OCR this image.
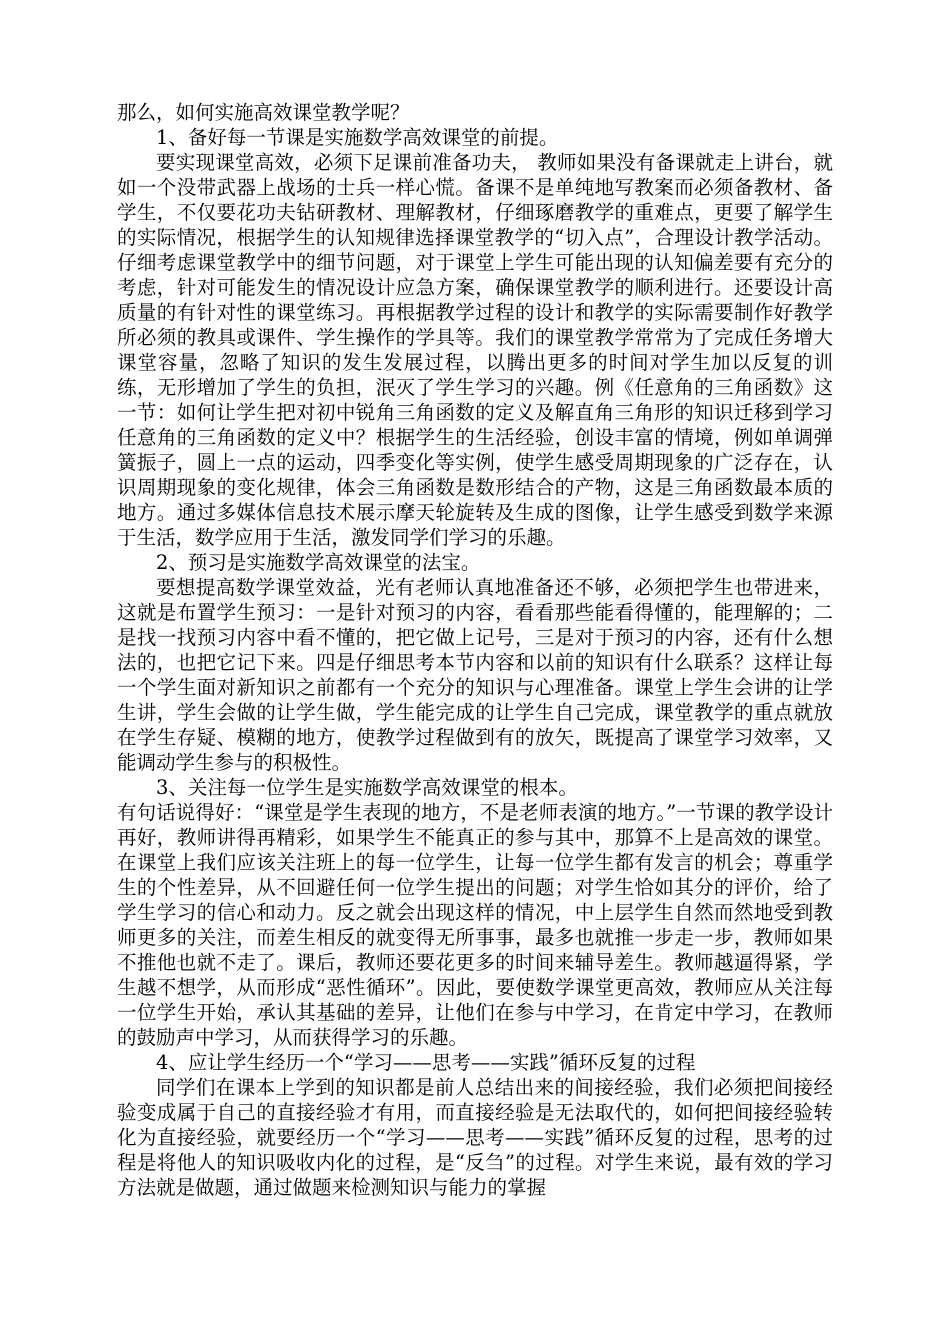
那么，如何实施高效课堂教学呢？

1、备好每一节课是实施数学高效课堂的前提。

要实现课堂高效，必须下足课前准备功夫， 教师如果没有备课就走上讲台，就如一个没带武器上战场的士兵一样心慌。备课不是单纯地写教案而必须备教材、备学生，不仅要花功夫钻研教材、理解教材，仔细琢磨教学的重难点，更要了解学生的实际情况，根据学生的认知规律选择课堂教学的“切入点”，合理设计教学活动。仔细考虑课堂教学中的细节问题，对于课堂上学生可能出现的认知偏差要有充分的考虑，针对可能发生的情况设计应急方案，确保课堂教学的顺利进行。还要设计高质量的有针对性的课堂练习。再根据教学过程的设计和教学的实际需要制作好教学所必须的教具或课件、学生操作的学具等。我们的课堂教学常常为了完成任务增大课堂容量，忽略了知识的发生发展过程，以腾出更多的时间对学生加以反复的训练，无形增加了学生的负担，泯灭了学生学习的兴趣。例《任意角的三角函数》这一节：如何让学生把对初中锐角三角函数的定义及解直角三角形的知识迁移到学习任意角的三角函数的定义中？根据学生的生活经验，创设丰富的情境，例如单调弹簧振子，圆上一点的运动，四季变化等实例，使学生感受周期现象的广泛存在，认识周期现象的变化规律，体会三角函数是数形结合的产物，这是三角函数最本质的地方。通过多媒体信息技术展示摩天轮旋转及生成的图像，让学生感受到数学来源于生活，数学应用于生活，激发同学们学习的乐趣。

2、预习是实施数学高效课堂的法宝。

要想提高数学课堂效益，光有老师认真地准备还不够，必须把学生也带进来，这就是布置学生预习：一是针对预习的内容，看看那些能看得懂的，能理解的；二是找一找预习内容中看不懂的，把它做上记号，三是对于预习的内容，还有什么想法的，也把它记下来。四是仔细思考本节内容和以前的知识有什么联系？这样让每一个学生面对新知识之前都有一个充分的知识与心理准备。课堂上学生会讲的让学生讲，学生会做的让学生做，学生能完成的让学生自己完成，课堂教学的重点就放在学生存疑、模糊的地方，使教学过程做到有的放矢，既提高了课堂学习效率，又能调动学生参与的积极性。

3、关注每一位学生是实施数学高效课堂的根本。

有句话说得好：“课堂是学生表现的地方，不是老师表演的地方。”一节课的教学设计再好，教师讲得再精彩，如果学生不能真正的参与其中，那算不上是高效的课堂。在课堂上我们应该关注班上的每一位学生，让每一位学生都有发言的机会；尊重学生的个性差异，从不回避任何一位学生提出的问题；对学生恰如其分的评价，给了学生学习的信心和动力。反之就会出现这样的情况，中上层学生自然而然地受到教师更多的关注，而差生相反的就变得无所事事，最多也就推一步走一步，教师如果不推他也就不走了。课后，教师还要花更多的时间来辅导差生。教师越逼得紧，学生越不想学，从而形成“恶性循环”。因此，要使数学课堂更高效，教师应从关注每一位学生开始，承认其基础的差异，让他们在参与中学习，在肯定中学习，在教师的鼓励声中学习，从而获得学习的乐趣。

4、应让学生经历一个“学习——思考——实践”循环反复的过程

同学们在课本上学到的知识都是前人总结出来的间接经验，我们必须把间接经验变成属于自己的直接经验才有用，而直接经验是无法取代的，如何把间接经验转化为直接经验，就要经历一个“学习——思考——实践”循环反复的过程，思考的过程是将他人的知识吸收内化的过程，是“反刍”的过程。对学生来说，最有效的学习方法就是做题，通过做题来检测知识与能力的掌握
